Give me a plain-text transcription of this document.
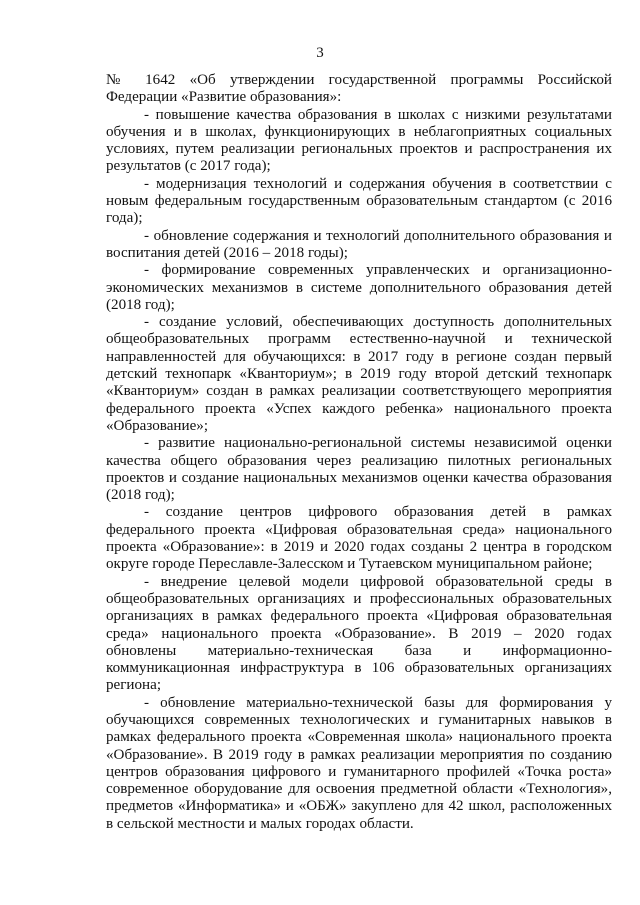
3

№ 1642 «Об утверждении государственной программы Российской Федерации «Развитие образования»:

- повышение качества образования в школах с низкими результатами обучения и в школах, функционирующих в неблагоприятных социальных условиях, путем реализации региональных проектов и распространения их результатов (с 2017 года);

- модернизация технологий и содержания обучения в соответствии с новым федеральным государственным образовательным стандартом (с 2016 года);

- обновление содержания и технологий дополнительного образования и воспитания детей (2016 – 2018 годы);

- формирование современных управленческих и организационно-экономических механизмов в системе дополнительного образования детей (2018 год);

- создание условий, обеспечивающих доступность дополнительных общеобразовательных программ естественно-научной и технической направленностей для обучающихся: в 2017 году в регионе создан первый детский технопарк «Кванториум»; в 2019 году второй детский технопарк «Кванториум» создан в рамках реализации соответствующего мероприятия федерального проекта «Успех каждого ребенка» национального проекта «Образование»;

- развитие национально-региональной системы независимой оценки качества общего образования через реализацию пилотных региональных проектов и создание национальных механизмов оценки качества образования (2018 год);

- создание центров цифрового образования детей в рамках федерального проекта «Цифровая образовательная среда» национального проекта «Образование»: в 2019 и 2020 годах созданы 2 центра в городском округе городе Переславле-Залесском и Тутаевском муниципальном районе;

- внедрение целевой модели цифровой образовательной среды в общеобразовательных организациях и профессиональных образовательных организациях в рамках федерального проекта «Цифровая образовательная среда» национального проекта «Образование». В 2019 – 2020 годах обновлены материально-техническая база и информационно-коммуникационная инфраструктура в 106 образовательных организациях региона;

- обновление материально-технической базы для формирования у обучающихся современных технологических и гуманитарных навыков в рамках федерального проекта «Современная школа» национального проекта «Образование». В 2019 году в рамках реализации мероприятия по созданию центров образования цифрового и гуманитарного профилей «Точка роста» современное оборудование для освоения предметной области «Технология», предметов «Информатика» и «ОБЖ» закуплено для 42 школ, расположенных в сельской местности и малых городах области.
